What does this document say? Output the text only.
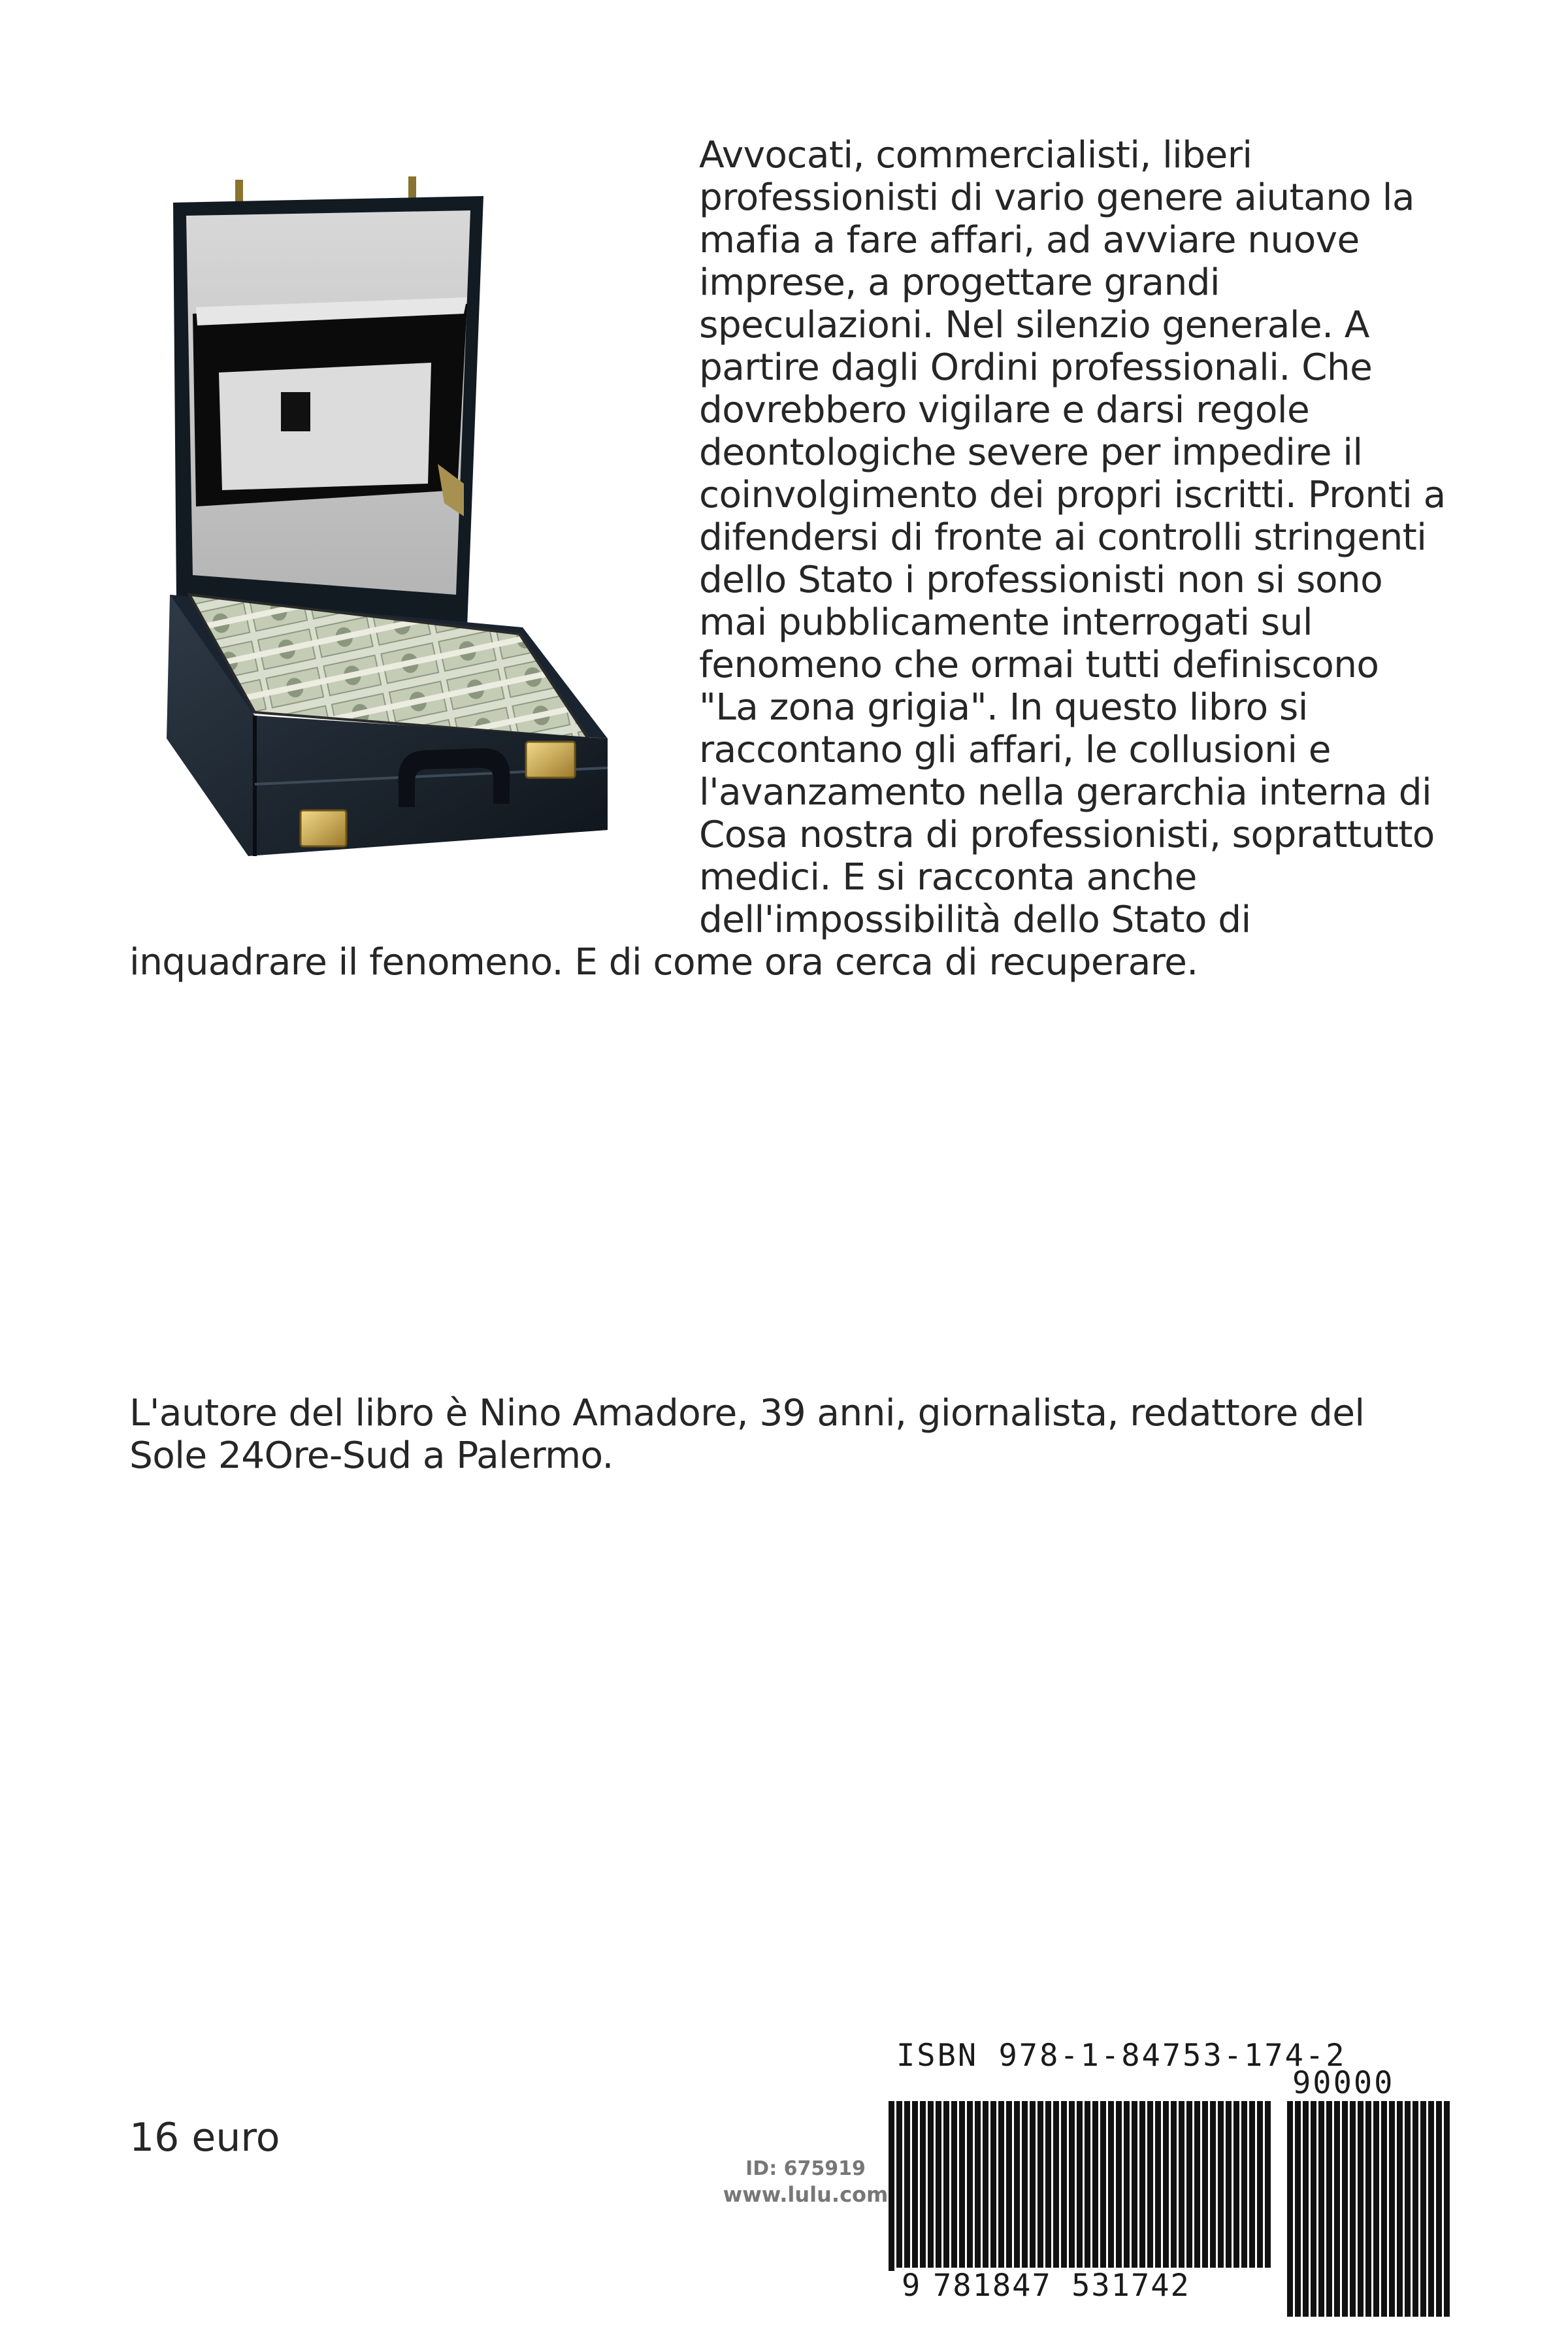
Avvocati, commercialisti, liberi professionisti di vario genere aiutano la mafia a fare affari, ad avviare nuove imprese, a progettare grandi speculazioni. Nel silenzio generale. A partire dagli Ordini professionali. Che dovrebbero vigilare e darsi regole deontologiche severe per impedire il coinvolgimento dei propri iscritti. Pronti a difendersi di fronte ai controlli stringenti dello Stato i professionisti non si sono mai pubblicamente interrogati sul fenomeno che ormai tutti definiscono "La zona grigia". In questo libro si raccontano gli affari, le collusioni e l'avanzamento nella gerarchia interna di Cosa nostra di professionisti, soprattutto medici. E si racconta anche dell'impossibilità dello Stato di inquadrare il fenomeno. E di come ora cerca di recuperare.

L'autore del libro è Nino Amadore, 39 anni, giornalista, redattore del Sole 24Ore-Sud a Palermo.

16 euro

ID: 675919
www.lulu.com
ISBN 978-1-84753-174-2
90000
9 781847 531742
